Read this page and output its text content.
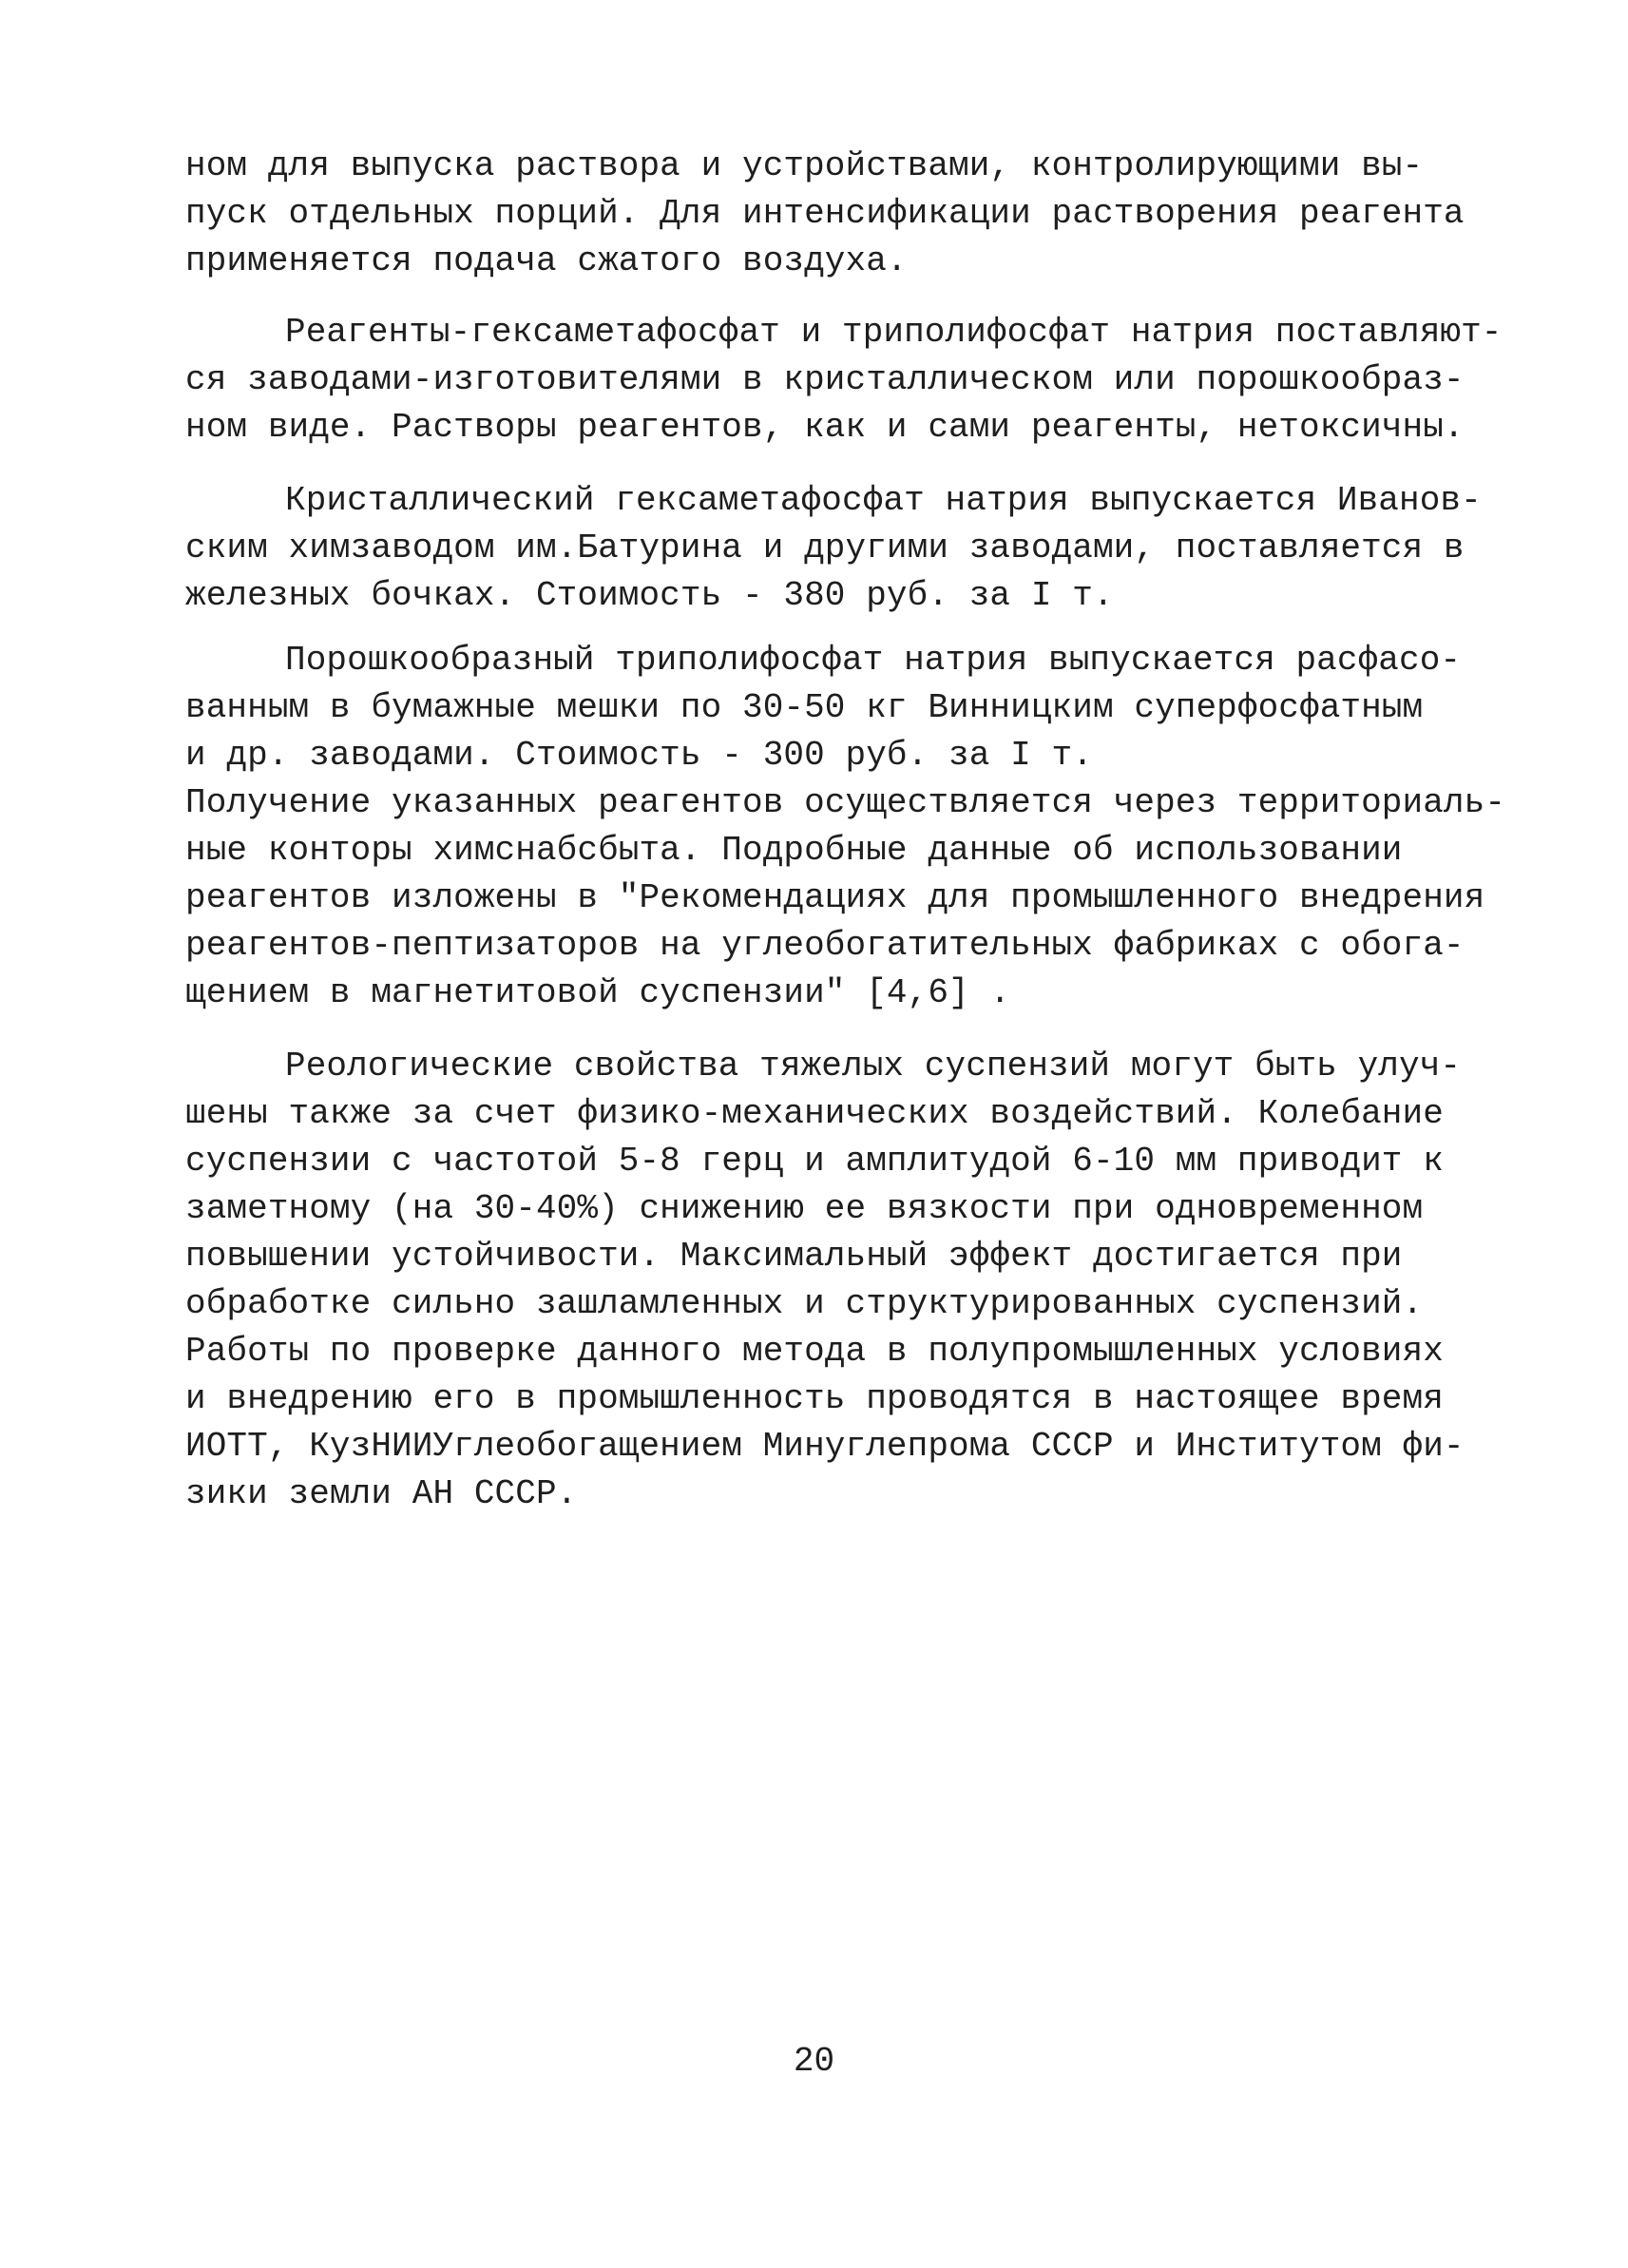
ном для выпуска раствора и устройствами, контролирующими вы-

пуск отдельных порций. Для интенсификации растворения реагента

применяется подача сжатого воздуха.

Реагенты-гексаметафосфат и триполифосфат натрия поставляют-

ся заводами-изготовителями в кристаллическом или порошкообраз-

ном виде. Растворы реагентов, как и сами реагенты, нетоксичны.

Кристаллический гексаметафосфат натрия выпускается Иванов-

ским химзаводом им.Батурина и другими заводами, поставляется в

железных бочках. Стоимость - 380 руб. за I т.

Порошкообразный триполифосфат натрия выпускается расфасо-

ванным в бумажные мешки по 30-50 кг Винницким суперфосфатным

и др. заводами. Стоимость - 300 руб. за I т.

Получение указанных реагентов осуществляется через территориаль-

ные конторы химснабсбыта. Подробные данные об использовании

реагентов изложены в "Рекомендациях для промышленного внедрения

реагентов-пептизаторов на углеобогатительных фабриках с обога-

щением в магнетитовой суспензии" [4,6] .

Реологические свойства тяжелых суспензий могут быть улуч-

шены также за счет физико-механических воздействий. Колебание

суспензии с частотой 5-8 герц и амплитудой 6-10 мм приводит к

заметному (на 30-40%) снижению ее вязкости при одновременном

повышении устойчивости. Максимальный эффект достигается при

обработке сильно зашламленных и структурированных суспензий.

Работы по проверке данного метода в полупромышленных условиях

и внедрению его в промышленность проводятся в настоящее время

ИОТТ, КузНИИУглеобогащением Минуглепрома СССР и Институтом фи-

зики земли АН СССР.

20
